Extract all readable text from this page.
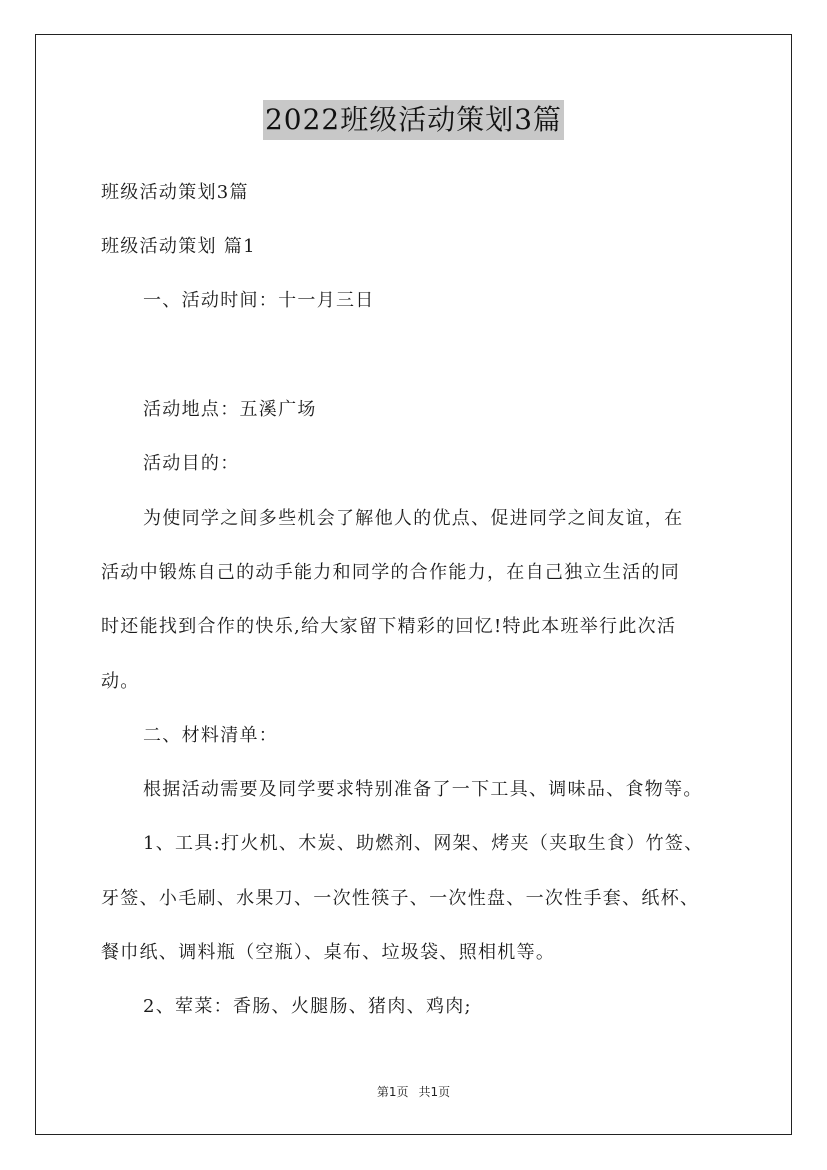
2022班级活动策划3篇
班级活动策划3篇
班级活动策划 篇1
一、活动时间：十一月三日
活动地点：五溪广场
活动目的：
为使同学之间多些机会了解他人的优点、促进同学之间友谊，在
活动中锻炼自己的动手能力和同学的合作能力，在自己独立生活的同
时还能找到合作的快乐,给大家留下精彩的回忆!特此本班举行此次活
动。
二、材料清单：
根据活动需要及同学要求特别准备了一下工具、调味品、食物等。
1、工具:打火机、木炭、助燃剂、网架、烤夹（夹取生食）竹签、
牙签、小毛刷、水果刀、一次性筷子、一次性盘、一次性手套、纸杯、
餐巾纸、调料瓶（空瓶）、桌布、垃圾袋、照相机等。
2、荤菜：香肠、火腿肠、猪肉、鸡肉;
第1页 共1页
